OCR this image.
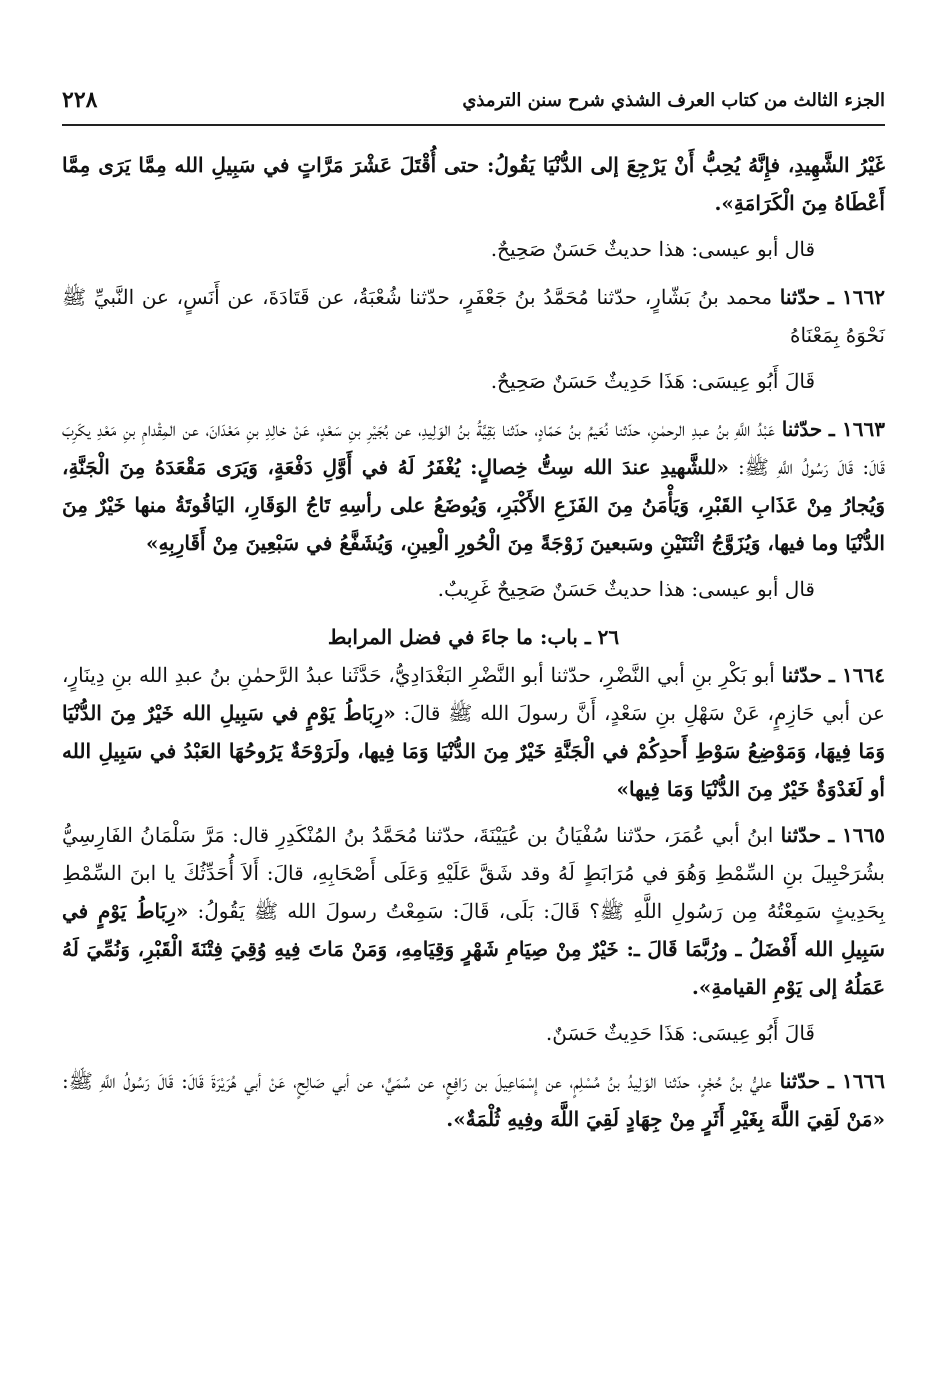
الجزء الثالث من كتاب العرف الشذي شرح سنن الترمذي
٢٢٨

غَيْرُ الشَّهِيدِ، فإِنَّهُ يُحِبُّ أَنْ يَرْجِعَ إلى الدُّنْيَا يَقُولُ: حتى أُقْتَلَ عَشْرَ مَرَّاتٍ في سَبِيلِ الله مِمَّا يَرَى مِمَّا أَعْطَاهُ مِنَ الْكَرَامَةِ».

قال أبو عيسى: هذا حديثٌ حَسَنٌ صَحِيحٌ.

١٦٦٢ ـ حدّثنا محمد بنُ بَشّارٍ، حدّثنا مُحَمَّدُ بنُ جَعْفَرٍ، حدّثنا شُعْبَةُ، عن قَتَادَةَ، عن أَنَسٍ، عن النَّبيِّ ﷺ نَحْوَهُ بِمَعْنَاهُ

قَالَ أَبُو عِيسَى: هَذَا حَدِيثٌ حَسَنٌ صَحِيحٌ.

١٦٦٣ ـ حدّثنا عَبْدُ اللَّهِ بنُ عبدِ الرحمٰنِ، حدّثنا نُعَيمُ بنُ حَمّادٍ، حدّثنا بَقِيَّةُ بنُ الوَلِيدِ، عن بُجَيْرِ بنِ سَعْدٍ، عَنْ خالِدِ بنِ مَعْدَانَ، عن المِقْدامِ بنِ مَعْدِ يكَرِبَ قَالَ: قَالَ رَسُولُ اللَّهِ ﷺ: «للشَّهيدِ عندَ الله سِتُّ خِصالٍ: يُغْفَرُ لَهُ في أَوَّلِ دَفْعَةٍ، وَيَرَى مَقْعَدَهُ مِنَ الْجَنَّةِ، وَيُجارُ مِنْ عَذَابِ القَبْرِ، وَيَأْمَنُ مِنَ الفَزَعِ الأَكْبَرِ، وَيُوضَعُ على رأسِهِ تَاجُ الوَقَارِ، اليَاقُوتَةُ منها خَيْرٌ مِنَ الدُّنْيَا وما فيها، وَيُزَوَّجُ اثْنَتَيْنِ وسَبعينَ زَوْجَةً مِنَ الْحُورِ الْعِينِ، وَيُشَفَّعُ في سَبْعِينَ مِنْ أَقَارِبِهِ»

قال أبو عيسى: هذا حديثٌ حَسَنٌ صَحِيحٌ غَرِيبٌ.

٢٦ ـ باب: ما جاءَ في فضل المرابط

١٦٦٤ ـ حدّثنا أبو بَكْرِ بنِ أبي النَّضْرِ، حدّثنا أبو النَّضْرِ البَغْدَادِيُّ، حَدَّثَنا عبدُ الرَّحمٰنِ بنُ عبدِ الله بنِ دِينَارٍ، عن أبي حَازِمٍ، عَنْ سَهْلِ بنِ سَعْدٍ، أَنَّ رسولَ الله ﷺ قالَ: «رِبَاطُ يَوْمٍ في سَبِيلِ الله خَيْرٌ مِنَ الدُّنْيَا وَمَا فِيهَا، وَمَوْضِعُ سَوْطِ أَحدِكُمْ في الْجَنَّةِ خَيْرٌ مِنَ الدُّنْيَا وَمَا فِيها، ولَرَوْحَةٌ يَرُوحُهَا العَبْدُ في سَبِيلِ الله أو لَغَدْوَةٌ خَيْرٌ مِنَ الدُّنْيَا وَمَا فِيها»

١٦٦٥ ـ حدّثنا ابنُ أبي عُمَرَ، حدّثنا سُفْيَانُ بن عُيَيْنَةَ، حدّثنا مُحَمَّدُ بنُ المُنْكَدِرِ قال: مَرَّ سَلْمَانُ الفَارِسِيُّ بشُرَحْبِيلَ بنِ السِّمْطِ وَهُوَ في مُرَابَطٍ لَهُ وقد شَقَّ عَلَيْهِ وَعَلَى أَصْحَابِهِ، قالَ: أَلاَ أُحَدِّثُكَ يا ابنَ السِّمْطِ بِحَدِيثٍ سَمِعْتُهُ مِن رَسُولِ اللَّهِ ﷺ؟ قَالَ: بَلَى، قَالَ: سَمِعْتُ رسولَ الله ﷺ يَقُولُ: «رِبَاطُ يَوْمٍ في سَبِيلِ الله أَفْضَلُ ـ ورُبَّمَا قَالَ ـ: خَيْرٌ مِنْ صِيَامِ شَهْرٍ وَقِيَامِهِ، وَمَنْ مَاتَ فِيهِ وُقِيَ فِتْنَةَ الْقَبْرِ، وَنُمِّيَ لَهُ عَمَلُهُ إلى يَوْمِ القيامةِ».

قَالَ أَبُو عِيسَى: هَذَا حَدِيثٌ حَسَنٌ.

١٦٦٦ ـ حدّثنا عليُّ بنُ حُجْرٍ، حدّثنا الوَلِيدُ بنُ مُسْلِمٍ، عن إِسْمَاعِيلَ بن رَافِعٍ، عن سُمَيٍّ، عن أبي صَالِحٍ، عَنْ أبي هُرَيْرَةَ قَالَ: قَالَ رَسُولُ اللَّهِ ﷺ: «مَنْ لَقِيَ اللَّهَ بِغَيْرِ أَثَرٍ مِنْ جِهَادٍ لَقِيَ اللَّهَ وفِيهِ ثُلْمَةٌ».
